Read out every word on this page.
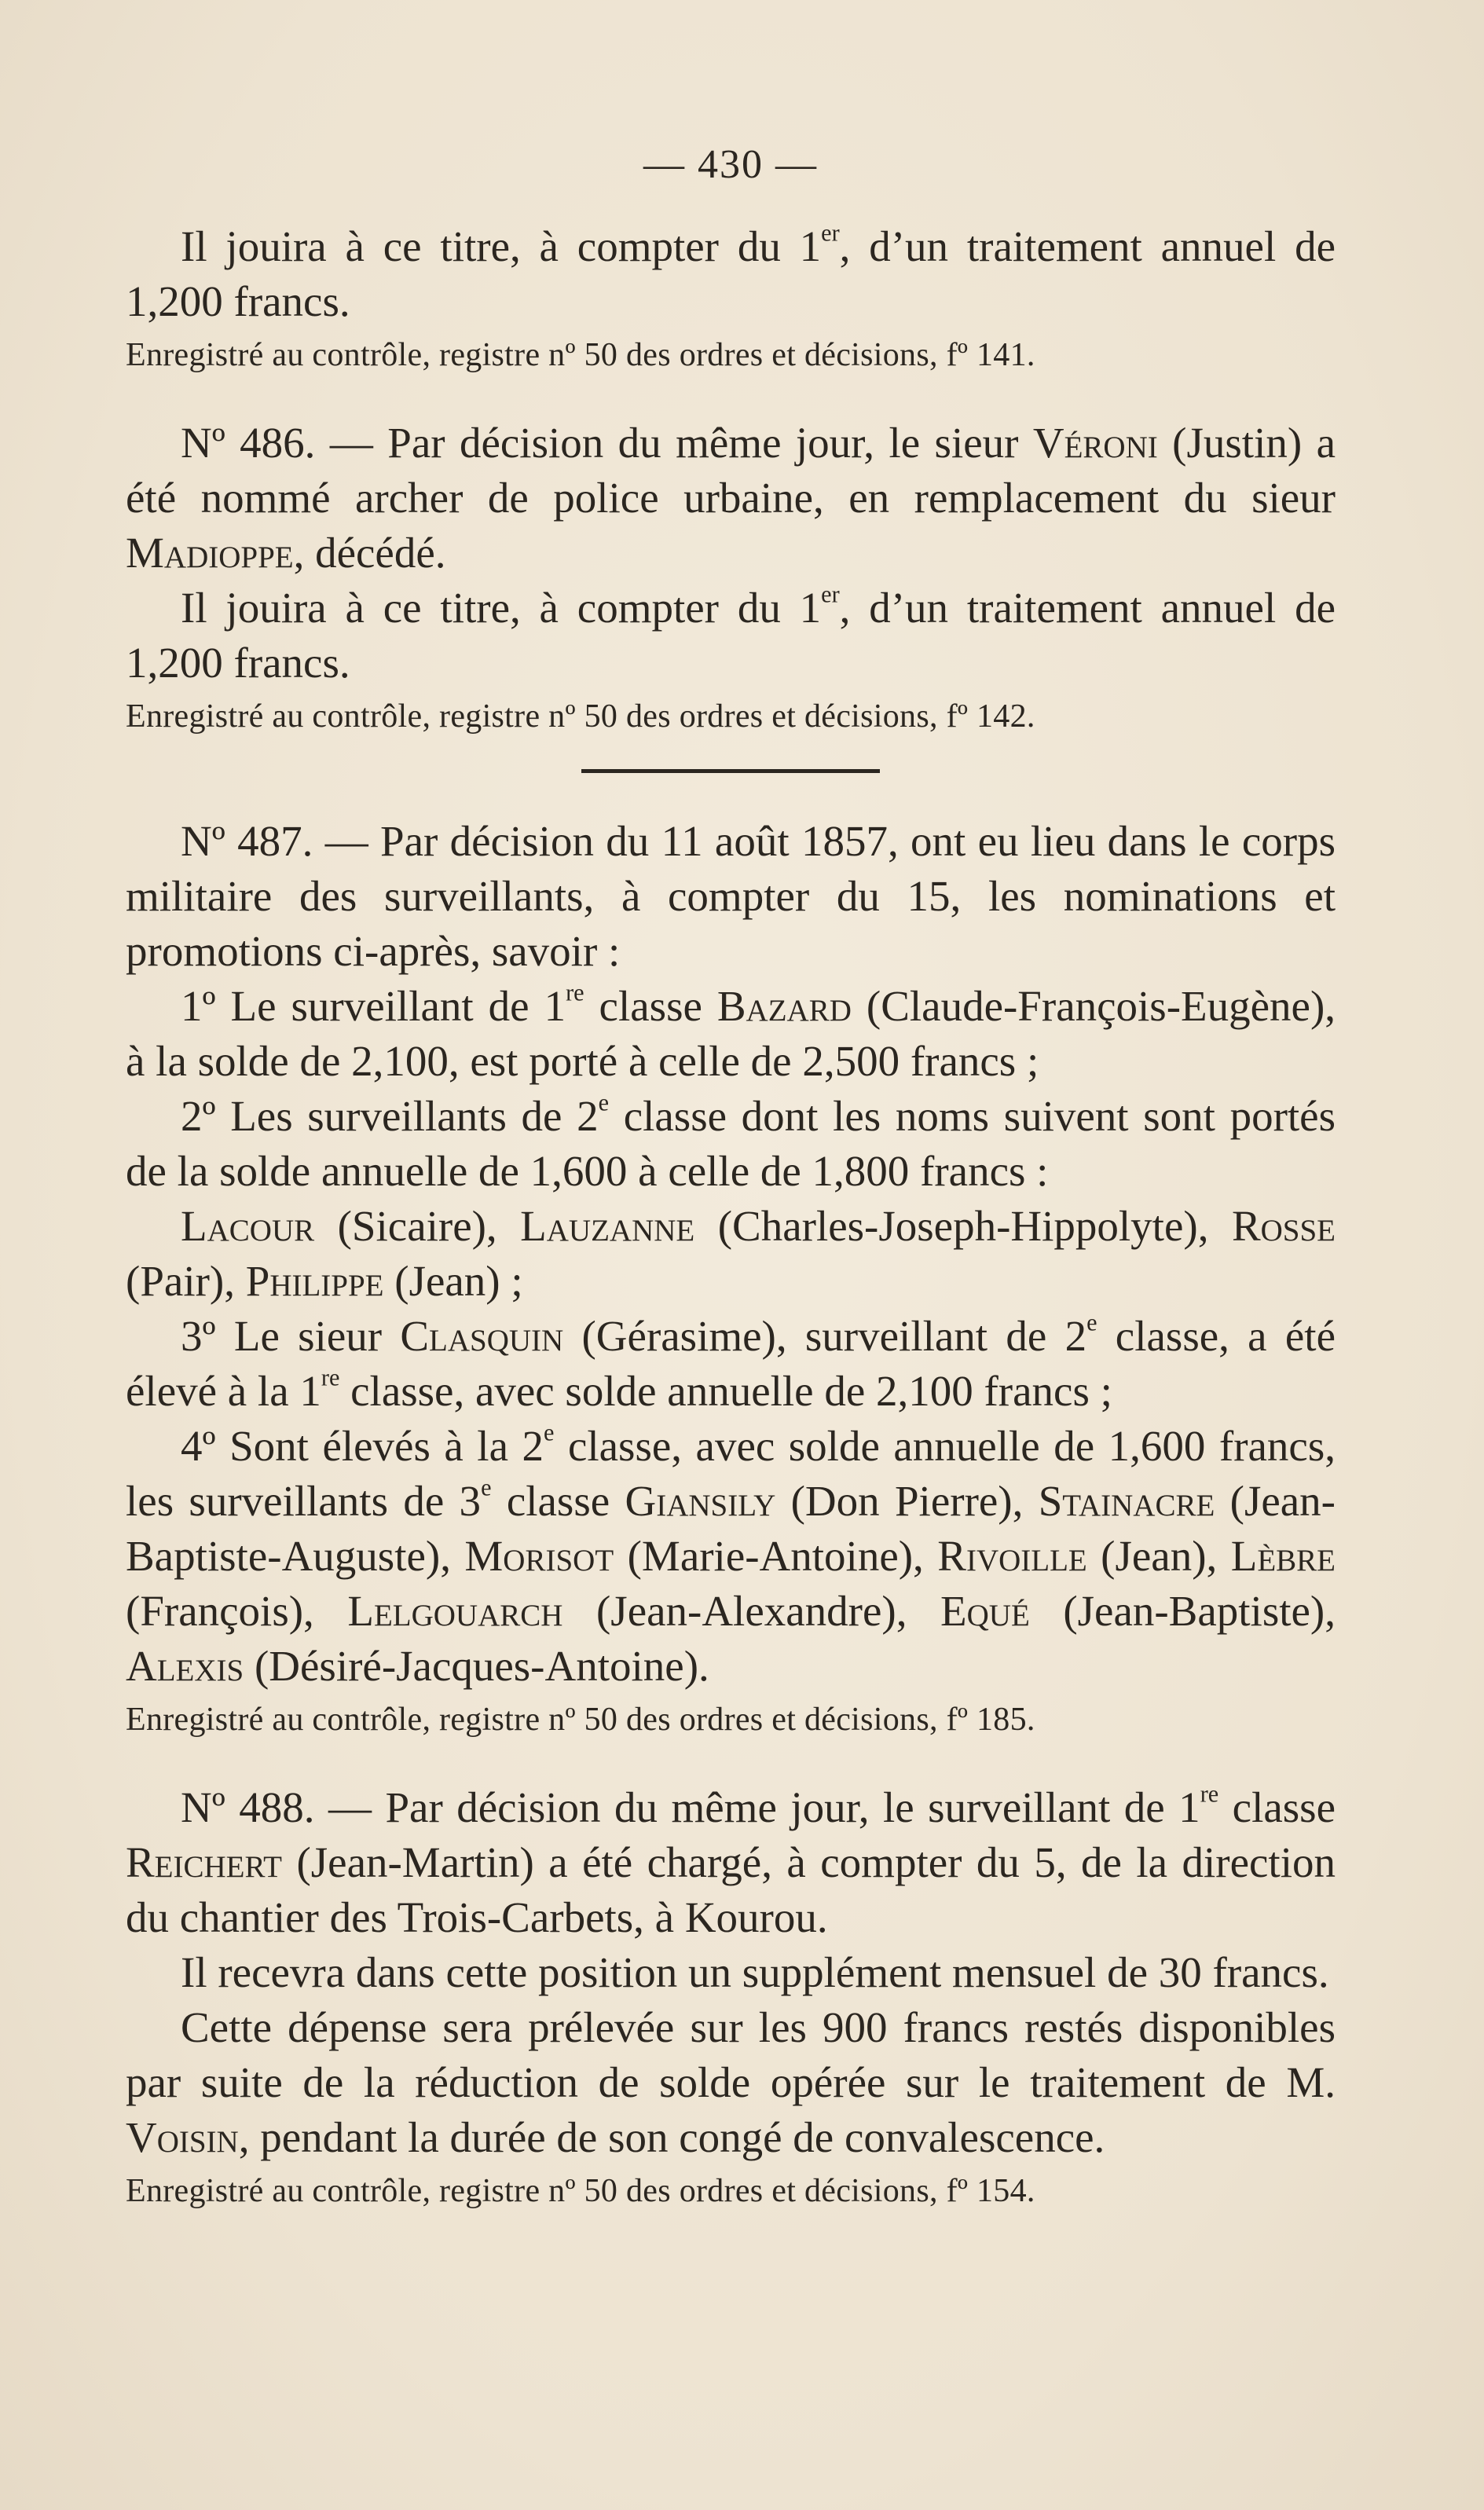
— 430 —

Il jouira à ce titre, à compter du 1er, d’un traitement annuel de 1,200 francs.

Enregistré au contrôle, registre nº 50 des ordres et décisions, fº 141.

Nº 486. — Par décision du même jour, le sieur Véroni (Justin) a été nommé archer de police urbaine, en remplacement du sieur Madioppe, décédé.

Il jouira à ce titre, à compter du 1er, d’un traitement annuel de 1,200 francs.

Enregistré au contrôle, registre nº 50 des ordres et décisions, fº 142.

Nº 487. — Par décision du 11 août 1857, ont eu lieu dans le corps militaire des surveillants, à compter du 15, les nominations et promotions ci-après, savoir :

1º Le surveillant de 1re classe Bazard (Claude-François-Eugène), à la solde de 2,100, est porté à celle de 2,500 francs ;

2º Les surveillants de 2e classe dont les noms suivent sont portés de la solde annuelle de 1,600 à celle de 1,800 francs :

Lacour (Sicaire), Lauzanne (Charles-Joseph-Hippolyte), Rosse (Pair), Philippe (Jean) ;

3º Le sieur Clasquin (Gérasime), surveillant de 2e classe, a été élevé à la 1re classe, avec solde annuelle de 2,100 francs ;

4º Sont élevés à la 2e classe, avec solde annuelle de 1,600 francs, les surveillants de 3e classe Giansily (Don Pierre), Stainacre (Jean-Baptiste-Auguste), Morisot (Marie-Antoine), Rivoille (Jean), Lèbre (François), Lelgouarch (Jean-Alexandre), Equé (Jean-Baptiste), Alexis (Désiré-Jacques-Antoine).

Enregistré au contrôle, registre nº 50 des ordres et décisions, fº 185.

Nº 488. — Par décision du même jour, le surveillant de 1re classe Reichert (Jean-Martin) a été chargé, à compter du 5, de la direction du chantier des Trois-Carbets, à Kourou.

Il recevra dans cette position un supplément mensuel de 30 francs.

Cette dépense sera prélevée sur les 900 francs restés disponibles par suite de la réduction de solde opérée sur le traitement de M. Voisin, pendant la durée de son congé de convalescence.

Enregistré au contrôle, registre nº 50 des ordres et décisions, fº 154.
